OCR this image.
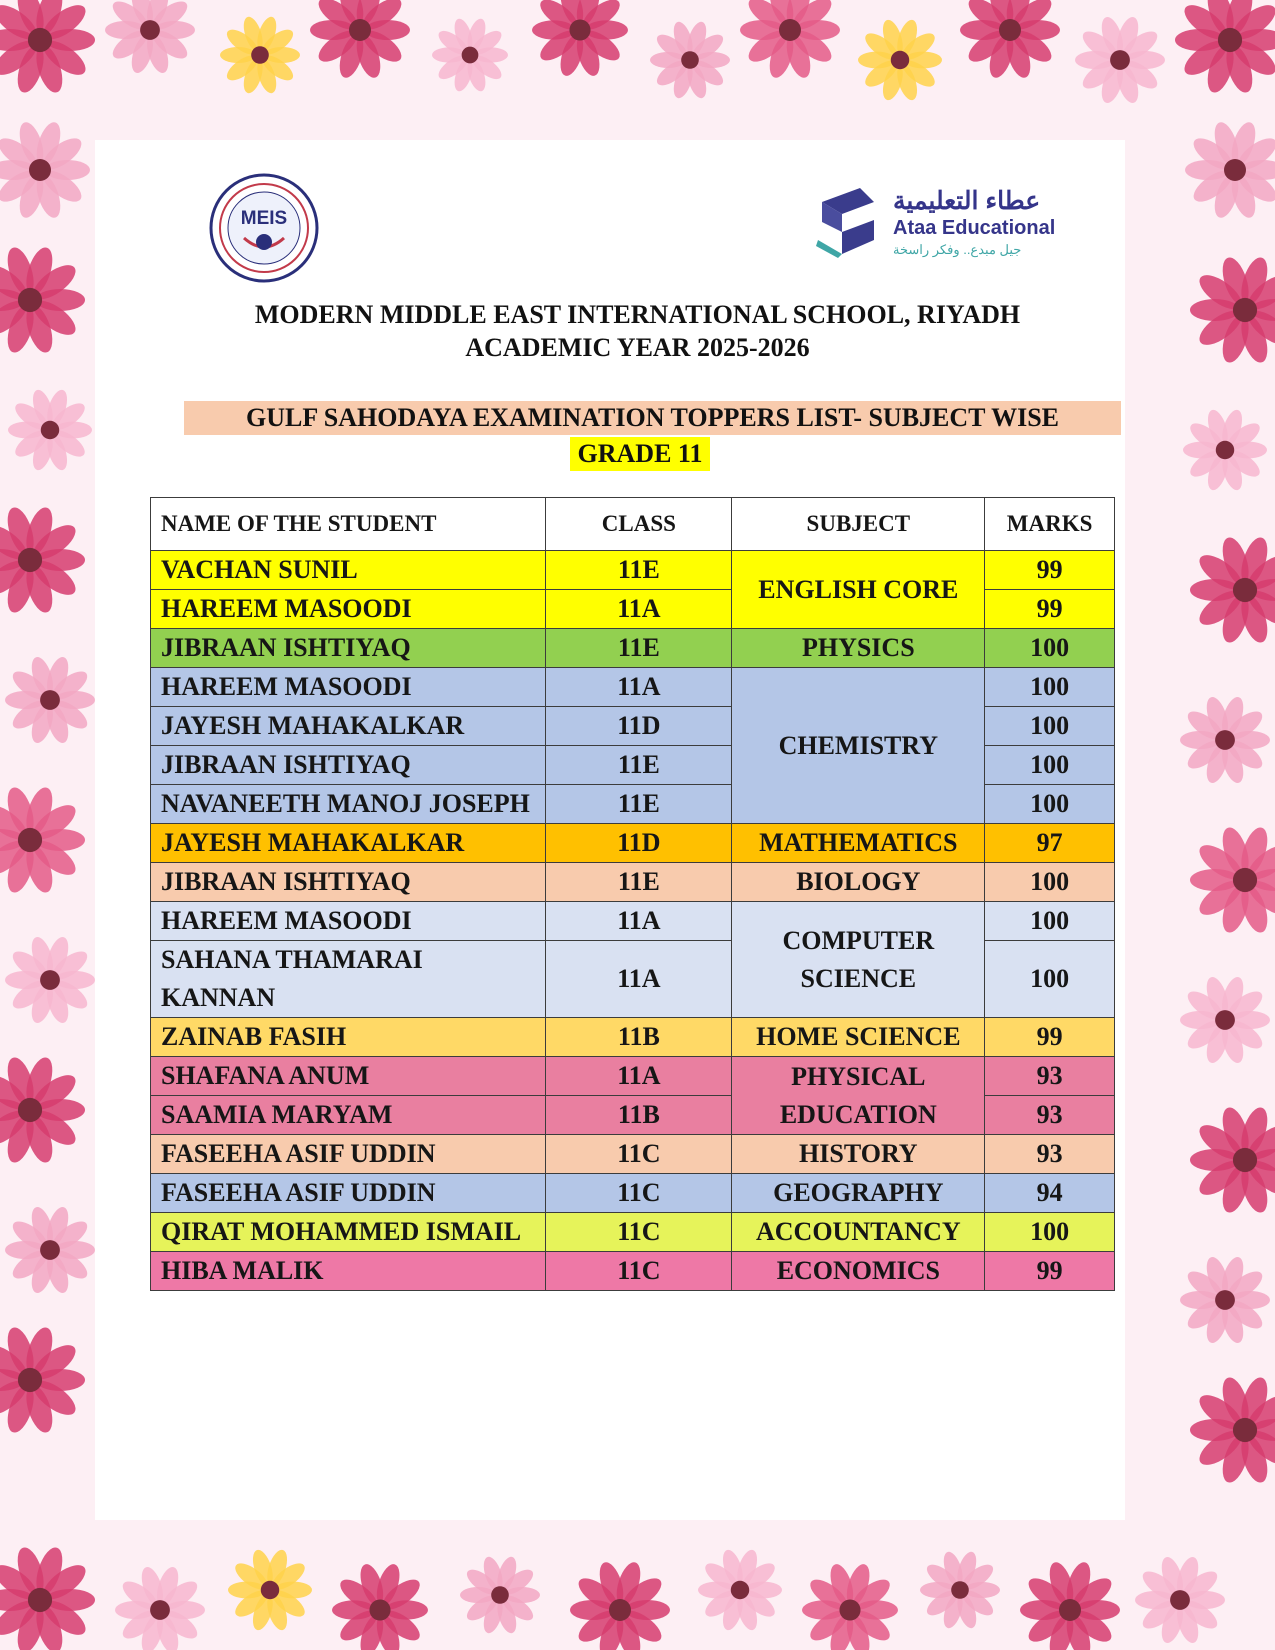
MEIS
عطاء التعليمية
Ataa Educational
جيل مبدع.. وفكر راسخة
MODERN MIDDLE EAST INTERNATIONAL SCHOOL, RIYADH
ACADEMIC YEAR 2025-2026
GULF SAHODAYA EXAMINATION TOPPERS LIST- SUBJECT WISE
GRADE 11
NAME OF THE STUDENT	CLASS	SUBJECT	MARKS
VACHAN SUNIL	11E	ENGLISH CORE	99
HAREEM MASOODI	11A		99
JIBRAAN ISHTIYAQ	11E	PHYSICS	100
HAREEM MASOODI	11A	CHEMISTRY	100
JAYESH MAHAKALKAR	11D		100
JIBRAAN ISHTIYAQ	11E		100
NAVANEETH MANOJ JOSEPH	11E		100
JAYESH MAHAKALKAR	11D	MATHEMATICS	97
JIBRAAN ISHTIYAQ	11E	BIOLOGY	100
HAREEM MASOODI	11A	COMPUTER SCIENCE	100
SAHANA THAMARAI KANNAN	11A		100
ZAINAB FASIH	11B	HOME SCIENCE	99
SHAFANA ANUM	11A	PHYSICAL EDUCATION	93
SAAMIA MARYAM	11B		93
FASEEHA ASIF UDDIN	11C	HISTORY	93
FASEEHA ASIF UDDIN	11C	GEOGRAPHY	94
QIRAT MOHAMMED ISMAIL	11C	ACCOUNTANCY	100
HIBA MALIK	11C	ECONOMICS	99
